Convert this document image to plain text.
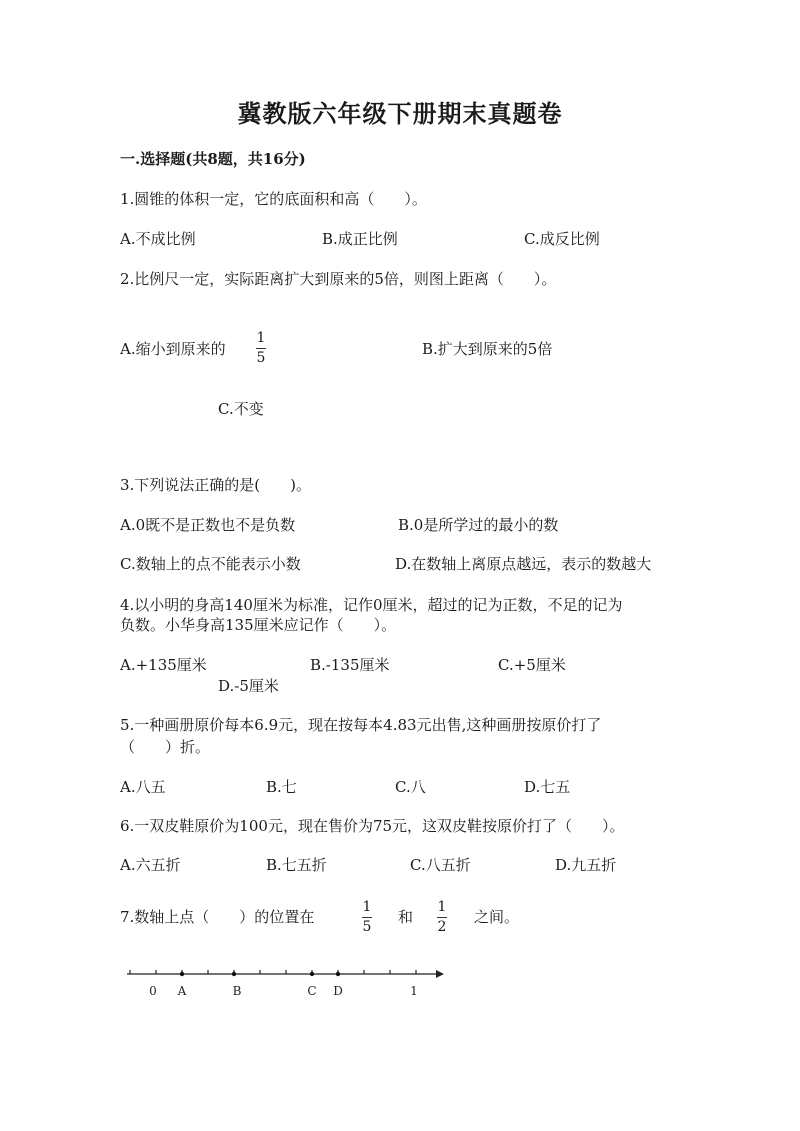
冀教版六年级下册期末真题卷
一.选择题(共8题，共16分)
1.圆锥的体积一定，它的底面积和高（　　）。
A.不成比例	B.成正比例	C.成反比例
2.比例尺一定，实际距离扩大到原来的5倍，则图上距离（　　）。
A.缩小到原来的
1
5	B.扩大到原来的5倍
C.不变
3.下列说法正确的是(　　)。
A.0既不是正数也不是负数	B.0是所学过的最小的数
C.数轴上的点不能表示小数	D.在数轴上离原点越远，表示的数越大
4.以小明的身高140厘米为标准，记作0厘米，超过的记为正数，不足的记为
负数。小华身高135厘米应记作（　　）。
A.+135厘米	B.-135厘米	C.+5厘米
D.-5厘米
5.一种画册原价每本6.9元，现在按每本4.83元出售,这种画册按原价打了
（　　）折。
A.八五	B.七	C.八	D.七五
6.一双皮鞋原价为100元，现在售价为75元，这双皮鞋按原价打了（　　）。
A.六五折	B.七五折	C.八五折	D.九五折
7.数轴上点（　　）的位置在
1
5
和
1
2
之间。
0 A	B	C D	1
